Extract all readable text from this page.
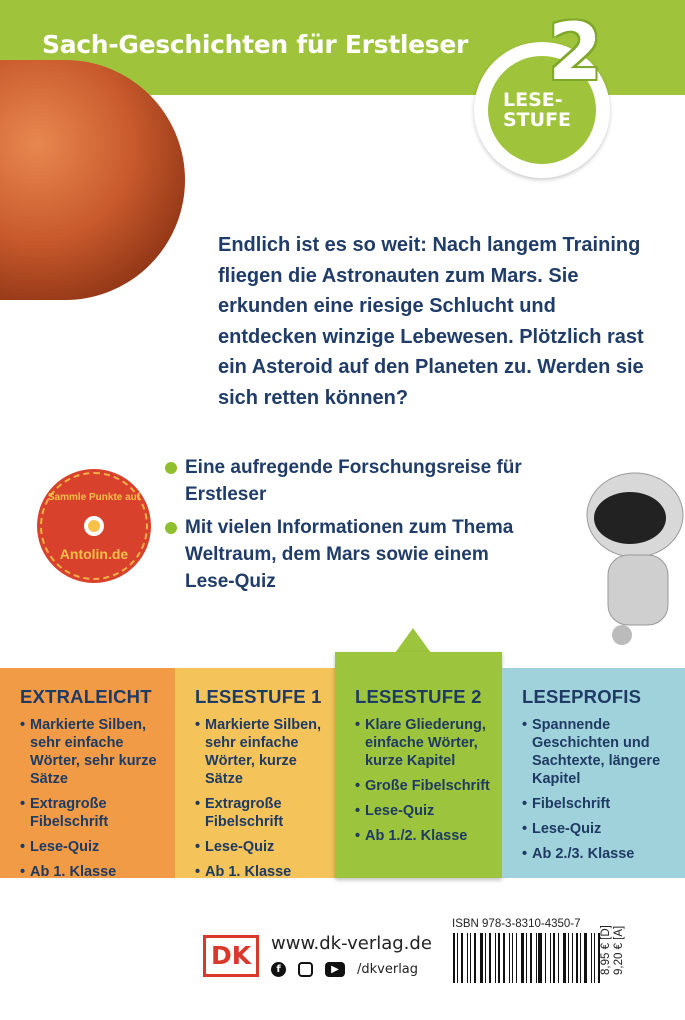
Sach-Geschichten für Erstleser
LESE-
STUFE
2

Endlich ist es so weit: Nach langem Training fliegen die Astronauten zum Mars. Sie erkunden eine riesige Schlucht und entdecken winzige Lebewesen. Plötzlich rast ein Asteroid auf den Planeten zu. Werden sie sich retten können?

Eine aufregende Forschungsreise für Erstleser
Mit vielen Informationen zum Thema Weltraum, dem Mars sowie einem Lese-Quiz
Sammle Punkte auf
Antolin.de
EXTRALEICHT
• Markierte Silben, sehr einfache Wörter, sehr kurze Sätze
• Extragroße Fibelschrift
• Lese-Quiz
• Ab 1. Klasse
LESESTUFE 1
• Markierte Silben, sehr einfache Wörter, kurze Sätze
• Extragroße Fibelschrift
• Lese-Quiz
• Ab 1. Klasse
LESESTUFE 2
• Klare Gliederung, einfache Wörter, kurze Kapitel
• Große Fibelschrift
• Lese-Quiz
• Ab 1./2. Klasse
LESEPROFIS
• Spannende Geschichten und Sachtexte, längere Kapitel
• Fibelschrift
• Lese-Quiz
• Ab 2./3. Klasse
DK	www.dk-verlag.de
f	▶	/dkverlag
ISBN 978-3-8310-4350-7
8,95 € [D] 9,20 € [A]
